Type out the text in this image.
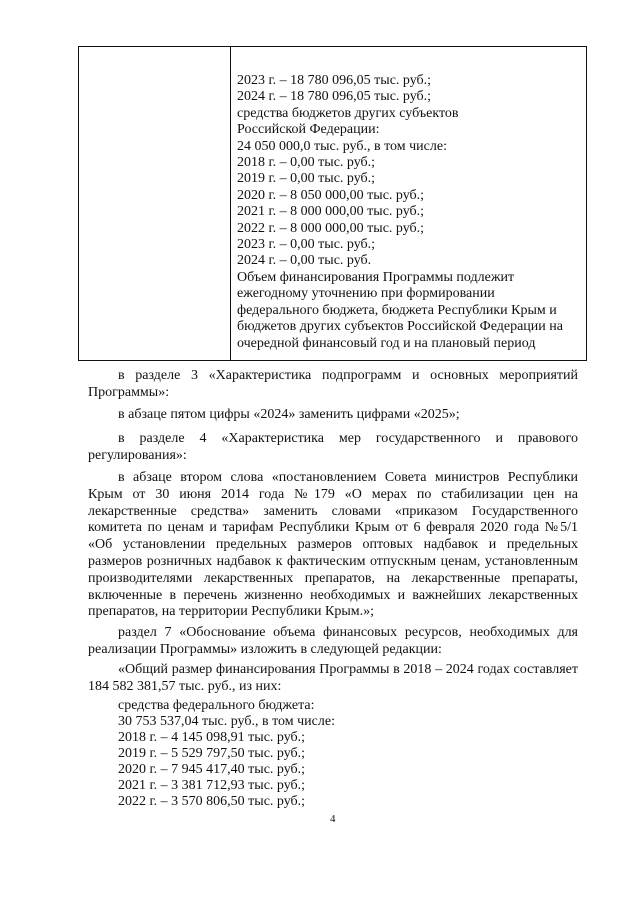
2023 г. – 18 780 096,05 тыс. руб.;
2024 г. – 18 780 096,05 тыс. руб.;
средства бюджетов других субъектов
Российской Федерации:
24 050 000,0 тыс. руб., в том числе:
2018 г. – 0,00 тыс. руб.;
2019 г. – 0,00 тыс. руб.;
2020 г. – 8 050 000,00 тыс. руб.;
2021 г. – 8 000 000,00 тыс. руб.;
2022 г. – 8 000 000,00 тыс. руб.;
2023 г. – 0,00 тыс. руб.;
2024 г. – 0,00 тыс. руб.
Объем финансирования Программы подлежит
ежегодному уточнению при формировании
федерального бюджета, бюджета Республики Крым и
бюджетов других субъектов Российской Федерации на
очередной финансовый год и на плановый период
в разделе 3 «Характеристика подпрограмм и основных мероприятий Программы»:
в абзаце пятом цифры «2024» заменить цифрами «2025»;
в разделе 4 «Характеристика мер государственного и правового регулирования»:
в абзаце втором слова «постановлением Совета министров Республики Крым от 30 июня 2014 года №179 «О мерах по стабилизации цен на лекарственные средства» заменить словами «приказом Государственного комитета по ценам и тарифам Республики Крым от 6 февраля 2020 года №5/1 «Об установлении предельных размеров оптовых надбавок и предельных размеров розничных надбавок к фактическим отпускным ценам, установленным производителями лекарственных препаратов, на лекарственные препараты, включенные в перечень жизненно необходимых и важнейших лекарственных препаратов, на территории Республики Крым.»;
раздел 7 «Обоснование объема финансовых ресурсов, необходимых для реализации Программы» изложить в следующей редакции:
«Общий размер финансирования Программы в 2018 – 2024 годах составляет 184 582 381,57 тыс. руб., из них:
средства федерального бюджета:
30 753 537,04 тыс. руб., в том числе:
2018 г. – 4 145 098,91 тыс. руб.;
2019 г. – 5 529 797,50 тыс. руб.;
2020 г. – 7 945 417,40 тыс. руб.;
2021 г. – 3 381 712,93 тыс. руб.;
2022 г. – 3 570 806,50 тыс. руб.;
4
